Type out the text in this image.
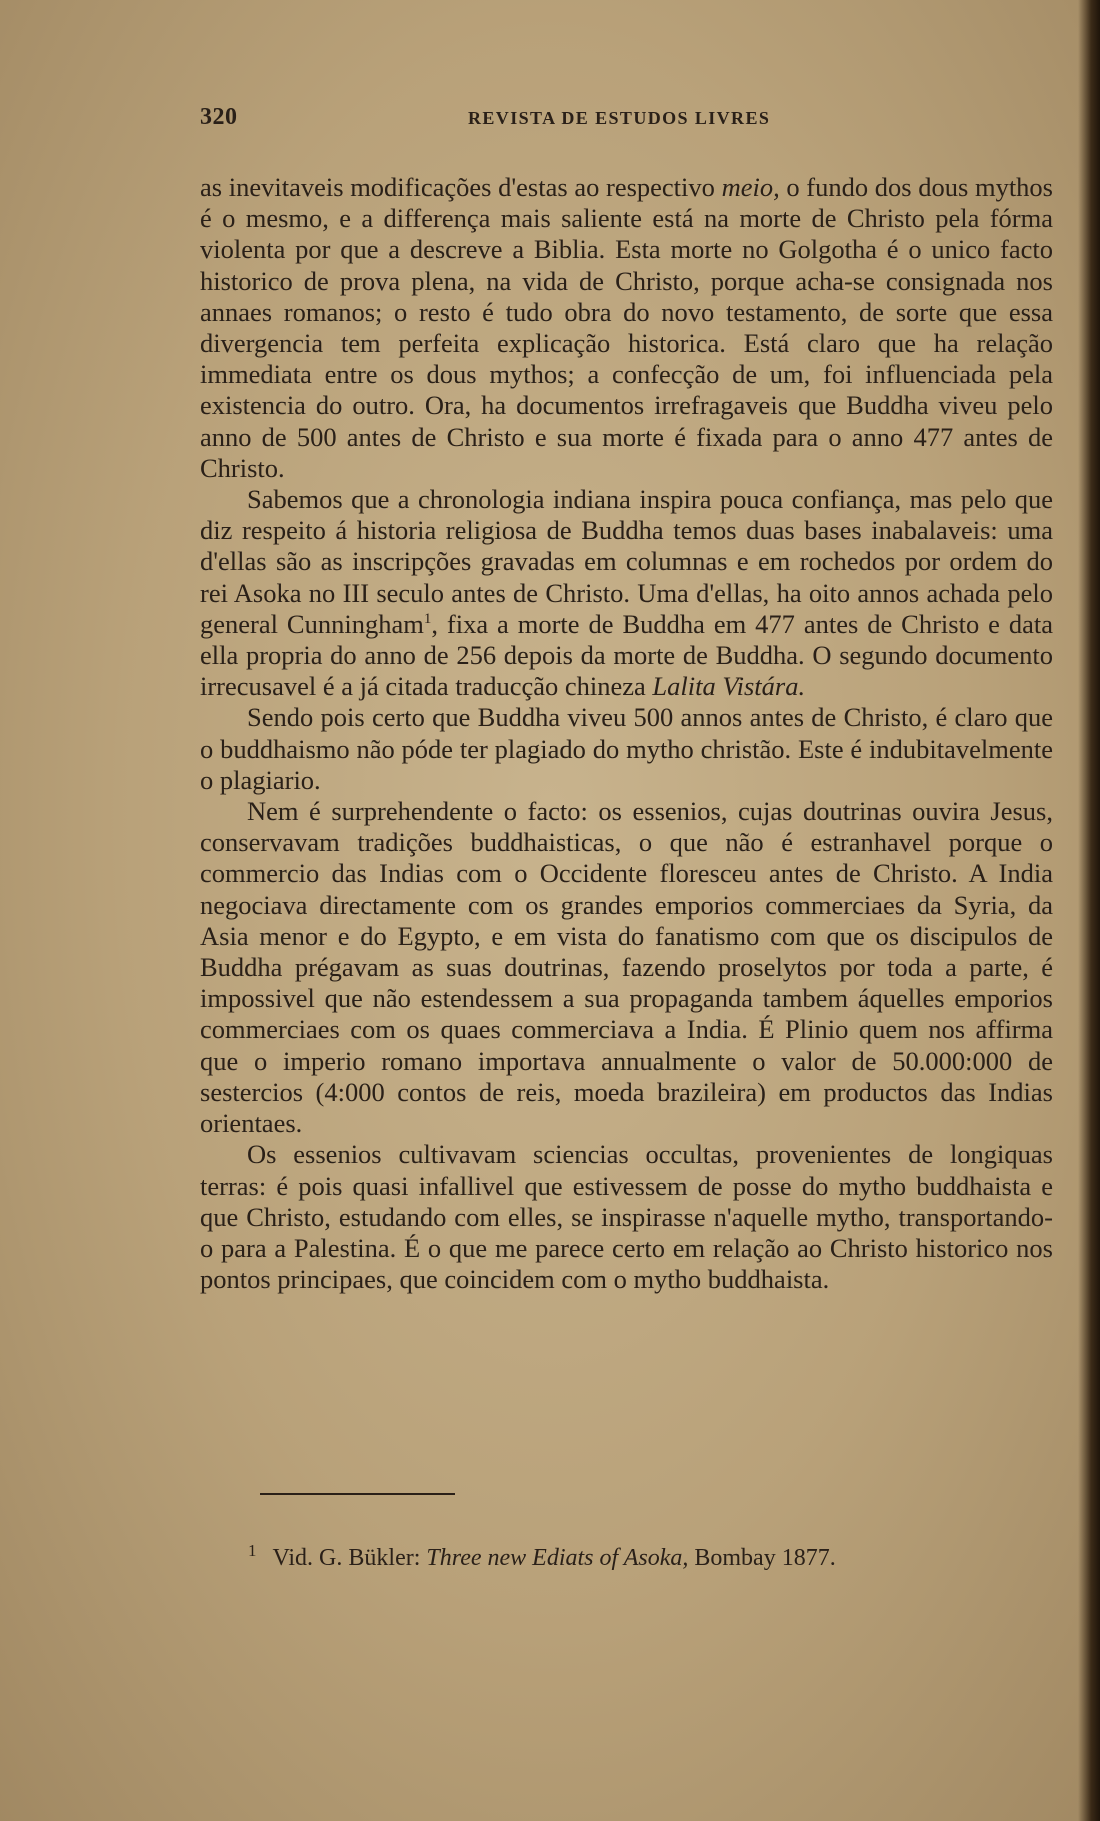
320	REVISTA DE ESTUDOS LIVRES

as inevitaveis modificações d'estas ao respectivo meio, o fundo dos dous mythos é o mesmo, e a differença mais saliente está na morte de Christo pela fórma violenta por que a descreve a Biblia. Esta morte no Golgotha é o unico facto historico de prova plena, na vida de Christo, porque acha-se consignada nos annaes romanos; o resto é tudo obra do novo testamento, de sorte que essa divergencia tem perfeita explicação historica. Está claro que ha relação immediata entre os dous mythos; a confecção de um, foi influenciada pela existencia do outro. Ora, ha documentos irrefragaveis que Buddha viveu pelo anno de 500 antes de Christo e sua morte é fixada para o anno 477 antes de Christo.

Sabemos que a chronologia indiana inspira pouca confiança, mas pelo que diz respeito á historia religiosa de Buddha temos duas bases inabalaveis: uma d'ellas são as inscripções gravadas em columnas e em rochedos por ordem do rei Asoka no III seculo antes de Christo. Uma d'ellas, ha oito annos achada pelo general Cunningham$^1$, fixa a morte de Buddha em 477 antes de Christo e data ella propria do anno de 256 depois da morte de Buddha. O segundo documento irrecusavel é a já citada traducção chineza Lalita Vistára.

Sendo pois certo que Buddha viveu 500 annos antes de Christo, é claro que o buddhaismo não póde ter plagiado do mytho christão. Este é indubitavelmente o plagiario.

Nem é surprehendente o facto: os essenios, cujas doutrinas ouvira Jesus, conservavam tradições buddhaisticas, o que não é estranhavel porque o commercio das Indias com o Occidente floresceu antes de Christo. A India negociava directamente com os grandes emporios commerciaes da Syria, da Asia menor e do Egypto, e em vista do fanatismo com que os discipulos de Buddha prégavam as suas doutrinas, fazendo proselytos por toda a parte, é impossivel que não estendessem a sua propaganda tambem áquelles emporios commerciaes com os quaes commerciava a India. É Plinio quem nos affirma que o imperio romano importava annualmente o valor de 50.000:000 de sestercios (4:000 contos de reis, moeda brazileira) em productos das Indias orientaes.

Os essenios cultivavam sciencias occultas, provenientes de longiquas terras: é pois quasi infallivel que estivessem de posse do mytho buddhaista e que Christo, estudando com elles, se inspirasse n'aquelle mytho, transportando-o para a Palestina. É o que me parece certo em relação ao Christo historico nos pontos principaes, que coincidem com o mytho buddhaista.

$^1$ Vid. G. Bükler: Three new Ediats of Asoka, Bombay 1877.
